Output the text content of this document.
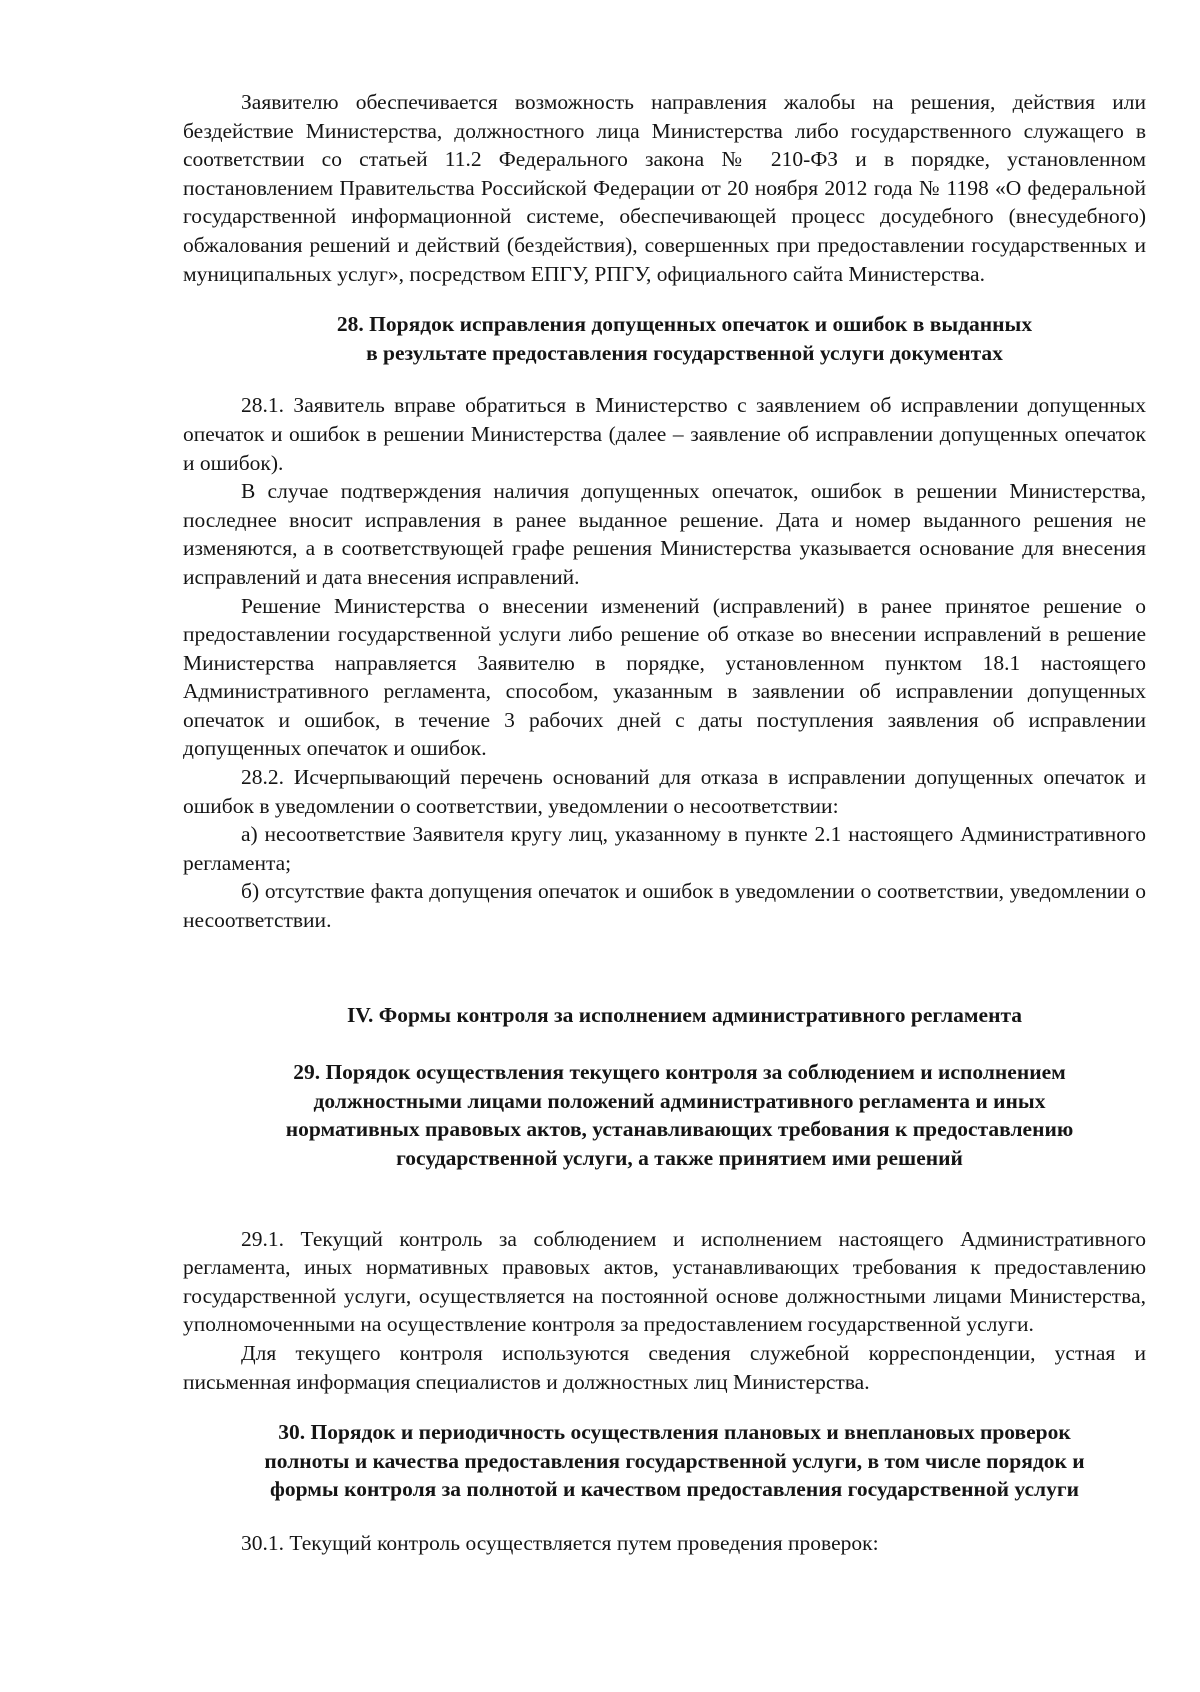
Заявителю обеспечивается возможность направления жалобы на решения, действия или бездействие Министерства, должностного лица Министерства либо государственного служащего в соответствии со статьей 11.2 Федерального закона № 210-ФЗ и в порядке, установленном постановлением Правительства Российской Федерации от 20 ноября 2012 года № 1198 «О федеральной государственной информационной системе, обеспечивающей процесс досудебного (внесудебного) обжалования решений и действий (бездействия), совершенных при предоставлении государственных и муниципальных услуг», посредством ЕПГУ, РПГУ, официального сайта Министерства.

28. Порядок исправления допущенных опечаток и ошибок в выданных
в результате предоставления государственной услуги документах

28.1. Заявитель вправе обратиться в Министерство с заявлением об исправлении допущенных опечаток и ошибок в решении Министерства (далее – заявление об исправлении допущенных опечаток и ошибок).

В случае подтверждения наличия допущенных опечаток, ошибок в решении Министерства, последнее вносит исправления в ранее выданное решение. Дата и номер выданного решения не изменяются, а в соответствующей графе решения Министерства указывается основание для внесения исправлений и дата внесения исправлений.

Решение Министерства о внесении изменений (исправлений) в ранее принятое решение о предоставлении государственной услуги либо решение об отказе во внесении исправлений в решение Министерства направляется Заявителю в порядке, установленном пунктом 18.1 настоящего Административного регламента, способом, указанным в заявлении об исправлении допущенных опечаток и ошибок, в течение 3 рабочих дней с даты поступления заявления об исправлении допущенных опечаток и ошибок.

28.2. Исчерпывающий перечень оснований для отказа в исправлении допущенных опечаток и ошибок в уведомлении о соответствии, уведомлении о несоответствии:

а) несоответствие Заявителя кругу лиц, указанному в пункте 2.1 настоящего Административного регламента;

б) отсутствие факта допущения опечаток и ошибок в уведомлении о соответствии, уведомлении о несоответствии.

IV. Формы контроля за исполнением административного регламента
29. Порядок осуществления текущего контроля за соблюдением и исполнением
должностными лицами положений административного регламента и иных
нормативных правовых актов, устанавливающих требования к предоставлению
государственной услуги, а также принятием ими решений

29.1. Текущий контроль за соблюдением и исполнением настоящего Административного регламента, иных нормативных правовых актов, устанавливающих требования к предоставлению государственной услуги, осуществляется на постоянной основе должностными лицами Министерства, уполномоченными на осуществление контроля за предоставлением государственной услуги.

Для текущего контроля используются сведения служебной корреспонденции, устная и письменная информация специалистов и должностных лиц Министерства.

30. Порядок и периодичность осуществления плановых и внеплановых проверок
полноты и качества предоставления государственной услуги, в том числе порядок и
формы контроля за полнотой и качеством предоставления государственной услуги

30.1. Текущий контроль осуществляется путем проведения проверок:
